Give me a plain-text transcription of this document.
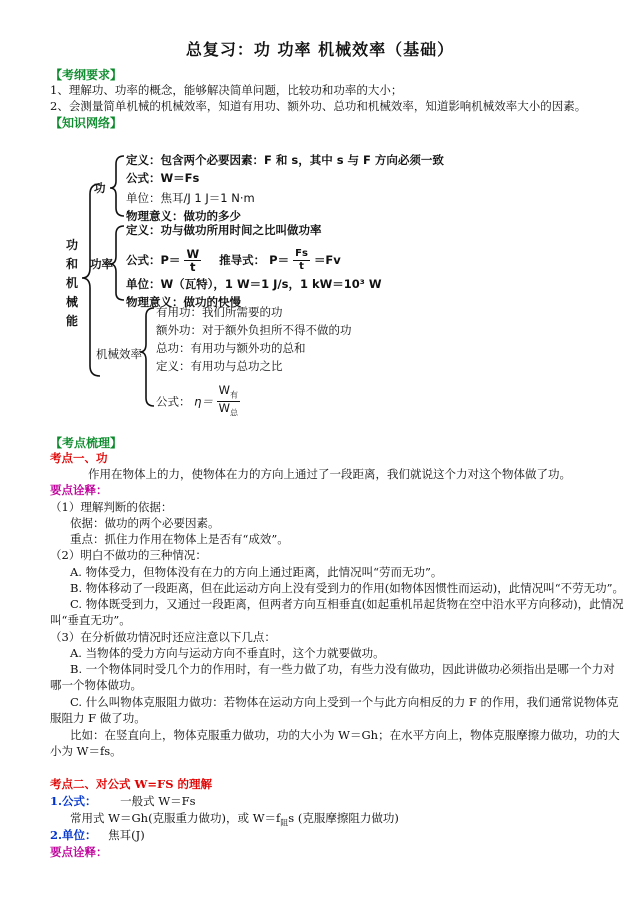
总复习：功 功率 机械效率（基础）
【考纲要求】
1、理解功、功率的概念，能够解决简单问题，比较功和功率的大小；
2、会测量简单机械的机械效率，知道有用功、额外功、总功和机械效率，知道影响机械效率大小的因素。
【知识网络】
功
和
机
械
能
功
定义：包含两个必要因素：F 和 s，其中 s 与 F 方向必须一致
公式：W＝Fs
单位：焦耳/J 1 J＝1 N·m
物理意义：做功的多少
功率
定义：功与做功所用时间之比叫做功率
公式：$P= \frac{W}{t}$ 推导式： $P= \frac{Fs}{t} =Fv$
单位：W（瓦特），1 W＝1 J/s，1 kW＝10³ W
物理意义：做功的快慢
机械效率
有用功：我们所需要的功
额外功：对于额外负担所不得不做的功
总功：有用功与额外功的总和
定义：有用功与总功之比
公式： η＝
$W_有$
$W_总$
【考点梳理】
考点一、功
作用在物体上的力，使物体在力的方向上通过了一段距离，我们就说这个力对这个物体做了功。
要点诠释：
（1）理解判断的依据：
依据：做功的两个必要因素。
重点：抓住力作用在物体上是否有“成效”。
（2）明白不做功的三种情况：
A. 物体受力，但物体没有在力的方向上通过距离，此情况叫“劳而无功”。
B. 物体移动了一段距离，但在此运动方向上没有受到力的作用(如物体因惯性而运动)，此情况叫“不劳无功”。
C. 物体既受到力，又通过一段距离，但两者方向互相垂直(如起重机吊起货物在空中沿水平方向移动)，此情况
叫“垂直无功”。
（3）在分析做功情况时还应注意以下几点：
A. 当物体的受力方向与运动方向不垂直时，这个力就要做功。
B. 一个物体同时受几个力的作用时，有一些力做了功，有些力没有做功，因此讲做功必须指出是哪一个力对
哪一个物体做功。
C. 什么叫物体克服阻力做功：若物体在运动方向上受到一个与此方向相反的力 F 的作用，我们通常说物体克
服阻力 F 做了功。
比如：在竖直向上，物体克服重力做功，功的大小为 W＝Gh；在水平方向上，物体克服摩擦力做功，功的大
小为 W＝fs。
考点二、对公式 W=FS 的理解
1.公式： 一般式 W＝Fs
常用式 W＝Gh(克服重力做功)，或 $W=f_阻s$ (克服摩擦阻力做功)
2.单位： 焦耳(J)
要点诠释：
